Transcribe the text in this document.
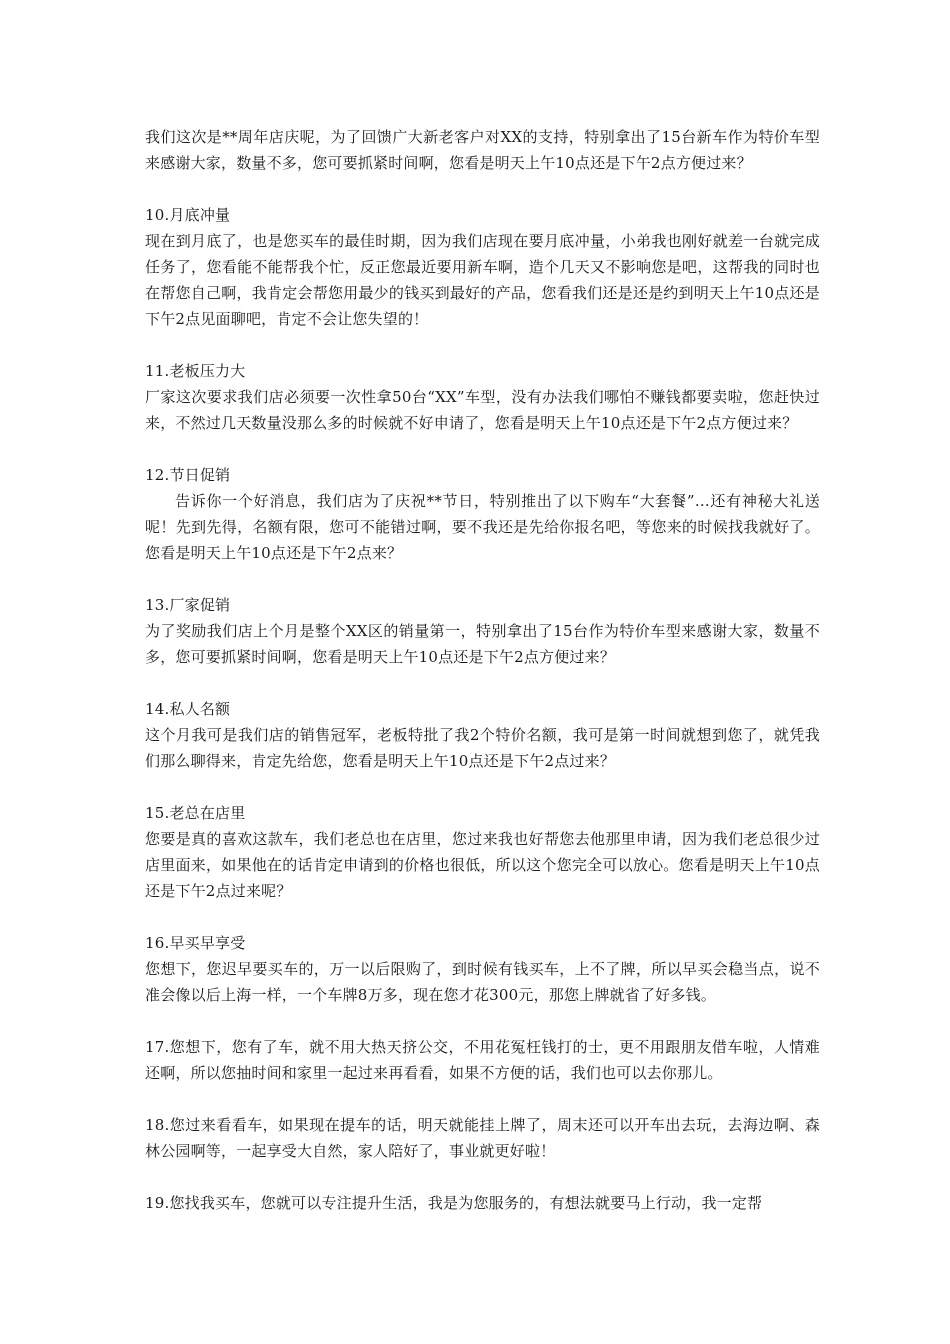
我们这次是**周年店庆呢，为了回馈广大新老客户对XX的支持，特别拿出了15台新车作为特价车型来感谢大家，数量不多，您可要抓紧时间啊，您看是明天上午10点还是下午2点方便过来？

10.月底冲量

现在到月底了，也是您买车的最佳时期，因为我们店现在要月底冲量，小弟我也刚好就差一台就完成任务了，您看能不能帮我个忙，反正您最近要用新车啊，造个几天又不影响您是吧，这帮我的同时也在帮您自己啊，我肯定会帮您用最少的钱买到最好的产品，您看我们还是还是约到明天上午10点还是下午2点见面聊吧，肯定不会让您失望的！

11.老板压力大

厂家这次要求我们店必须要一次性拿50台“XX”车型，没有办法我们哪怕不赚钱都要卖啦，您赶快过来，不然过几天数量没那么多的时候就不好申请了，您看是明天上午10点还是下午2点方便过来？

12.节日促销

告诉你一个好消息，我们店为了庆祝**节日，特别推出了以下购车“大套餐”…还有神秘大礼送呢！先到先得，名额有限，您可不能错过啊，要不我还是先给你报名吧，等您来的时候找我就好了。您看是明天上午10点还是下午2点来？

13.厂家促销

为了奖励我们店上个月是整个XX区的销量第一，特别拿出了15台作为特价车型来感谢大家，数量不多，您可要抓紧时间啊，您看是明天上午10点还是下午2点方便过来？

14.私人名额

这个月我可是我们店的销售冠军，老板特批了我2个特价名额，我可是第一时间就想到您了，就凭我们那么聊得来，肯定先给您，您看是明天上午10点还是下午2点过来？

15.老总在店里

您要是真的喜欢这款车，我们老总也在店里，您过来我也好帮您去他那里申请，因为我们老总很少过店里面来，如果他在的话肯定申请到的价格也很低，所以这个您完全可以放心。您看是明天上午10点还是下午2点过来呢？

16.早买早享受

您想下，您迟早要买车的，万一以后限购了，到时候有钱买车，上不了牌，所以早买会稳当点，说不准会像以后上海一样，一个车牌8万多，现在您才花300元，那您上牌就省了好多钱。

17.您想下，您有了车，就不用大热天挤公交，不用花冤枉钱打的士，更不用跟朋友借车啦，人情难还啊，所以您抽时间和家里一起过来再看看，如果不方便的话，我们也可以去你那儿。

18.您过来看看车，如果现在提车的话，明天就能挂上牌了，周末还可以开车出去玩，去海边啊、森林公园啊等，一起享受大自然，家人陪好了，事业就更好啦！

19.您找我买车，您就可以专注提升生活，我是为您服务的，有想法就要马上行动，我一定帮
